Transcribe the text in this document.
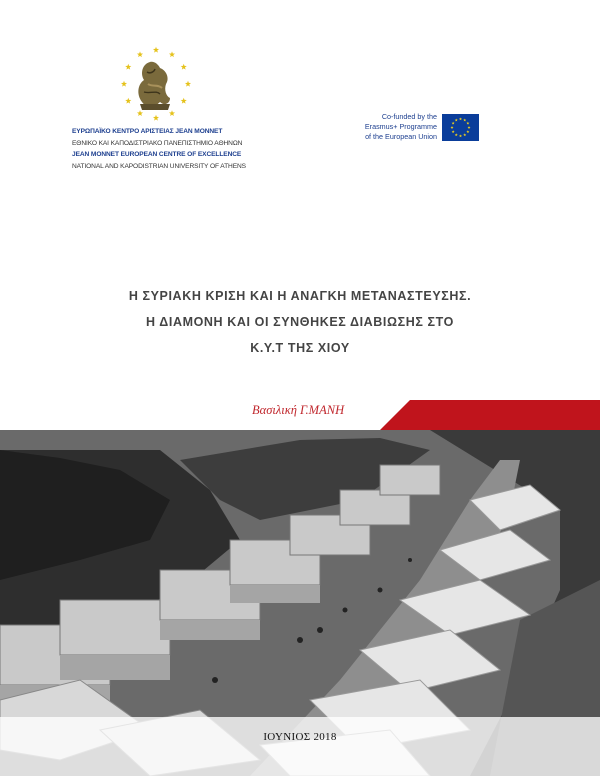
ΕΥΡΩΠΑΪΚΟ ΚΕΝΤΡΟ ΑΡΙΣΤΕΙΑΣ JEAN MONNET
ΕΘΝΙΚΟ ΚΑΙ ΚΑΠΟΔΙΣΤΡΙΑΚΟ ΠΑΝΕΠΙΣΤΗΜΙΟ ΑΘΗΝΩΝ
JEAN MONNET EUROPEAN CENTRE OF EXCELLENCE
NATIONAL AND KAPODISTRIAN UNIVERSITY OF ATHENS
Co-funded by the
Erasmus+ Programme
of the European Union
Η ΣΥΡΙΑΚΗ ΚΡΙΣΗ ΚΑΙ Η ΑΝΑΓΚΗ ΜΕΤΑΝΑΣΤΕΥΣΗΣ.
Η ΔΙΑΜΟΝΗ ΚΑΙ ΟΙ ΣΥΝΘΗΚΕΣ ΔΙΑΒΙΩΣΗΣ ΣΤΟ
Κ.Υ.Τ ΤΗΣ ΧΙΟΥ
Βασιλική Γ.ΜΑΝΗ
ΙΟΥΝΙΟΣ 2018
